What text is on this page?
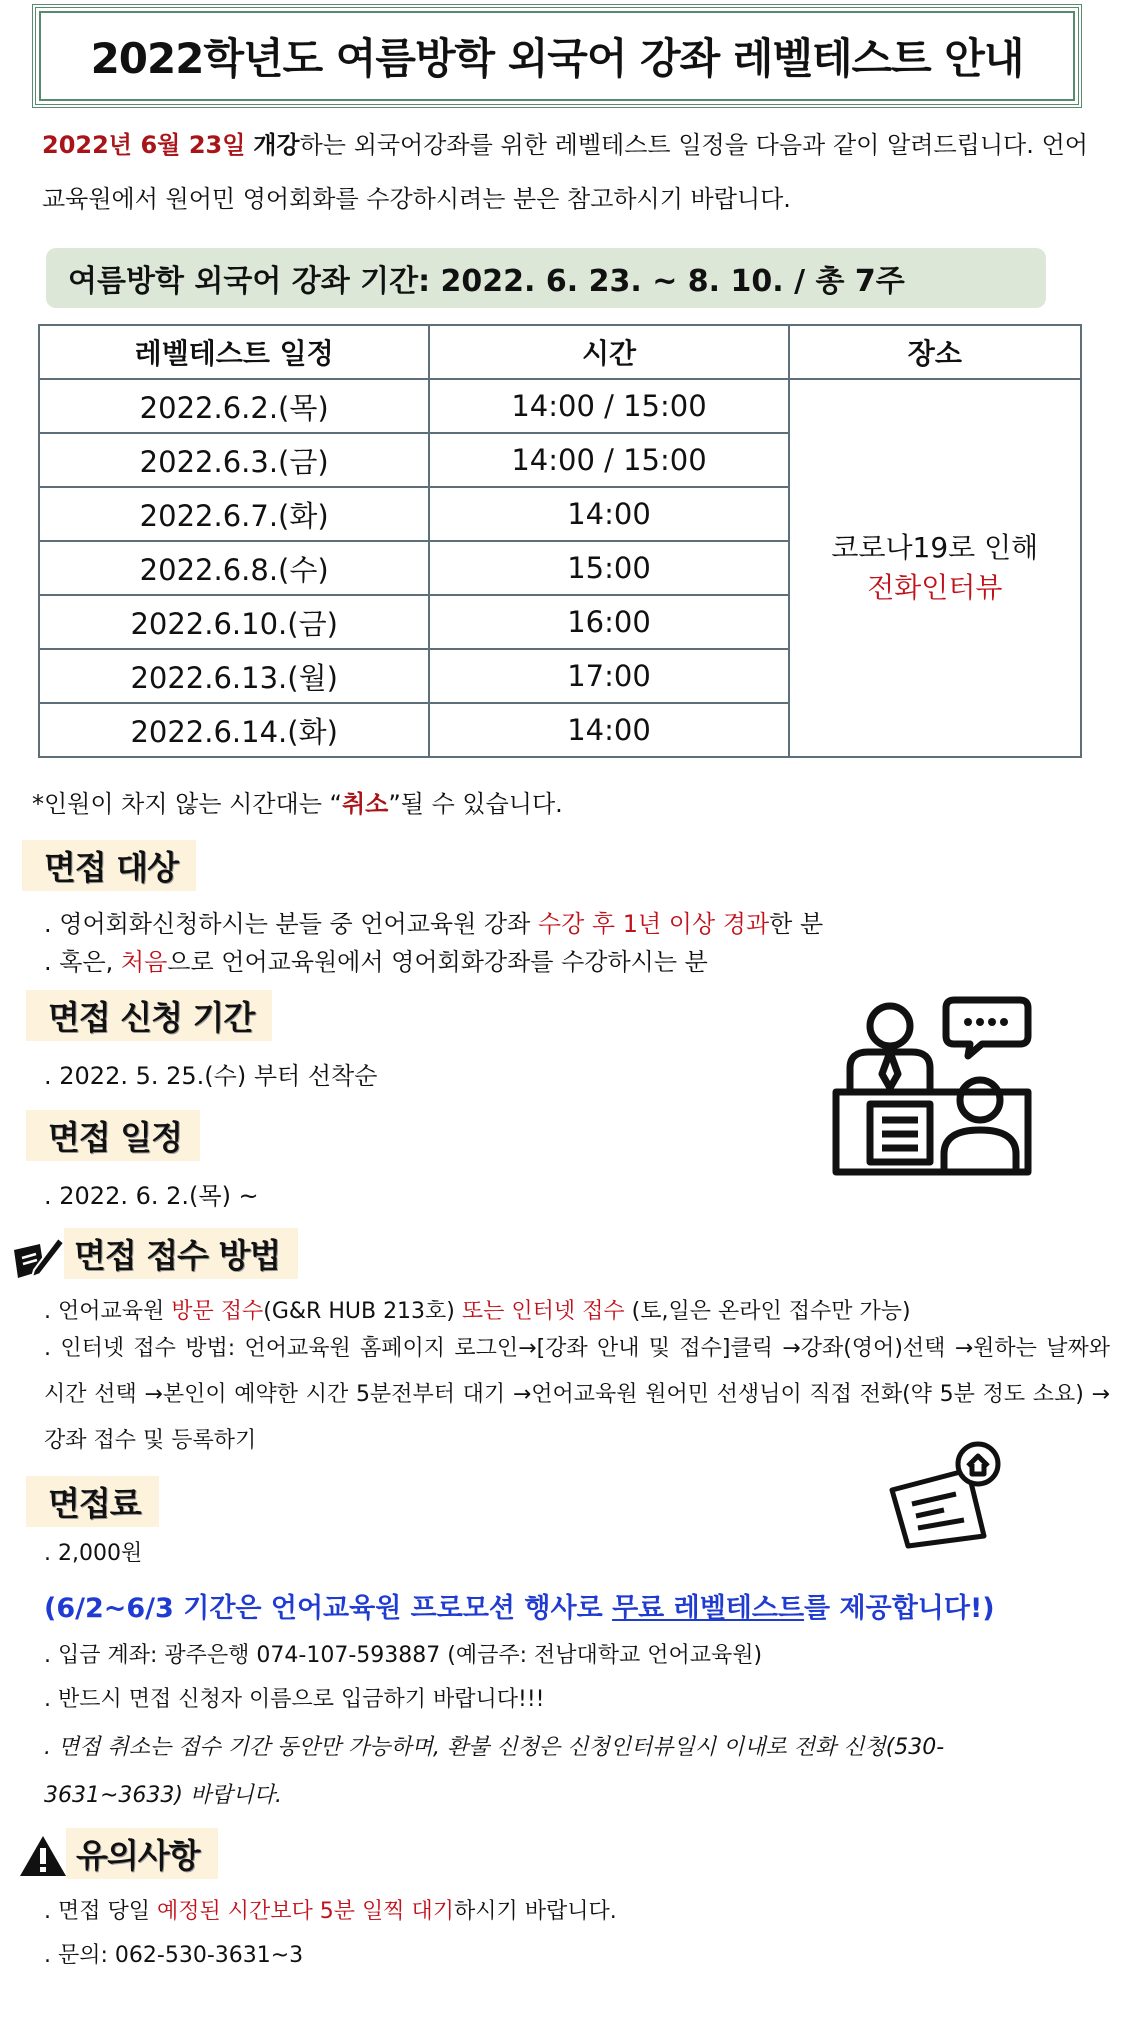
2022학년도 여름방학 외국어 강좌 레벨테스트 안내
2022년 6월 23일 개강하는 외국어강좌를 위한 레벨테스트 일정을 다음과 같이 알려드립니다. 언어교육원에서 원어민 영어회화를 수강하시려는 분은 참고하시기 바랍니다.
여름방학 외국어 강좌 기간: 2022. 6. 23. ~ 8. 10. / 총 7주
레벨테스트 일정	시간	장소
2022.6.2.(목)	14:00 / 15:00	코로나19로 인해
전화인터뷰

2022.6.3.(금)	14:00 / 15:00	
2022.6.7.(화)	14:00	
2022.6.8.(수)	15:00	
2022.6.10.(금)	16:00	
2022.6.13.(월)	17:00	
2022.6.14.(화)	14:00	
*인원이 차지 않는 시간대는 “취소”될 수 있습니다.
면접 대상
. 영어회화신청하시는 분들 중 언어교육원 강좌 수강 후 1년 이상 경과한 분
. 혹은, 처음으로 언어교육원에서 영어회화강좌를 수강하시는 분
면접 신청 기간
. 2022. 5. 25.(수) 부터 선착순
면접 일정
. 2022. 6. 2.(목) ~
면접 접수 방법
. 언어교육원 방문 접수(G&R HUB 213호) 또는 인터넷 접수 (토,일은 온라인 접수만 가능)
. 인터넷 접수 방법: 언어교육원 홈페이지 로그인→[강좌 안내 및 접수]클릭 →강좌(영어)선택 →원하는 날짜와 시간 선택 →본인이 예약한 시간 5분전부터 대기 →언어교육원 원어민 선생님이 직접 전화(약 5분 정도 소요) → 강좌 접수 및 등록하기
면접료
. 2,000원
(6/2~6/3 기간은 언어교육원 프로모션 행사로 무료 레벨테스트를 제공합니다!)
. 입금 계좌: 광주은행 074-107-593887 (예금주: 전남대학교 언어교육원)
. 반드시 면접 신청자 이름으로 입금하기 바랍니다!!!
. 면접 취소는 접수 기간 동안만 가능하며, 환불 신청은 신청인터뷰일시 이내로 전화 신청(530-3631~3633) 바랍니다.
유의사항
. 면접 당일 예정된 시간보다 5분 일찍 대기하시기 바랍니다.
. 문의: 062-530-3631~3
